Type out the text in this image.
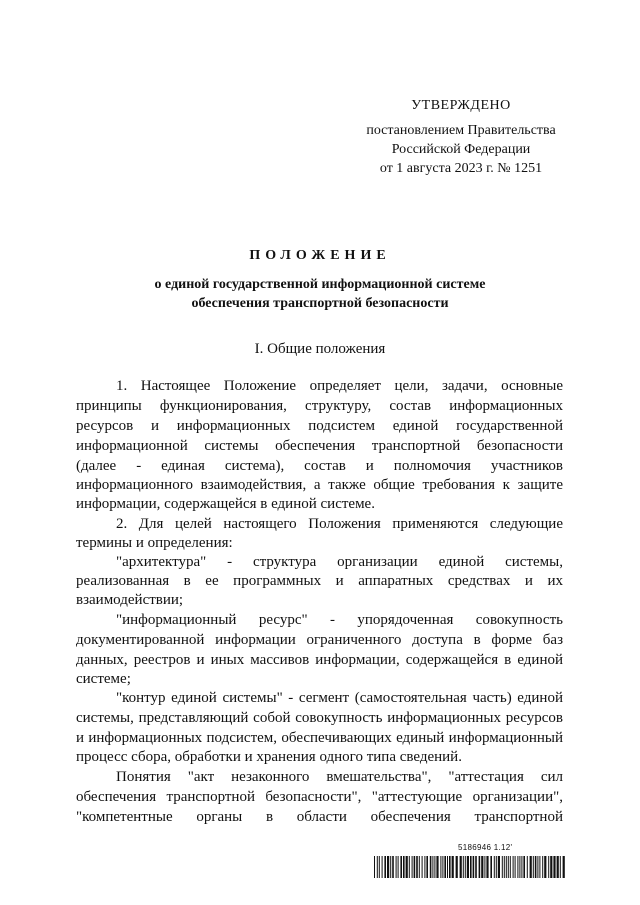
УТВЕРЖДЕНО
постановлением Правительства
Российской Федерации
от 1 августа 2023 г. № 1251
ПОЛОЖЕНИЕ
о единой государственной информационной системе
обеспечения транспортной безопасности
I. Общие положения
1. Настоящее Положение определяет цели, задачи, основные
принципы функционирования, структуру, состав информационных
ресурсов и информационных подсистем единой государственной
информационной системы обеспечения транспортной безопасности
(далее - единая система), состав и полномочия участников
информационного взаимодействия, а также общие требования к защите
информации, содержащейся в единой системе.
2. Для целей настоящего Положения применяются следующие
термины и определения:
"архитектура" - структура организации единой системы,
реализованная в ее программных и аппаратных средствах и их
взаимодействии;
"информационный ресурс" - упорядоченная совокупность
документированной информации ограниченного доступа в форме баз
данных, реестров и иных массивов информации, содержащейся в единой
системе;
"контур единой системы" - сегмент (самостоятельная часть) единой
системы, представляющий собой совокупность информационных ресурсов
и информационных подсистем, обеспечивающих единый информационный
процесс сбора, обработки и хранения одного типа сведений.
Понятия "акт незаконного вмешательства", "аттестация сил
обеспечения транспортной безопасности", "аттестующие организации",
"компетентные органы в области обеспечения транспортной
5186946 1.12'
